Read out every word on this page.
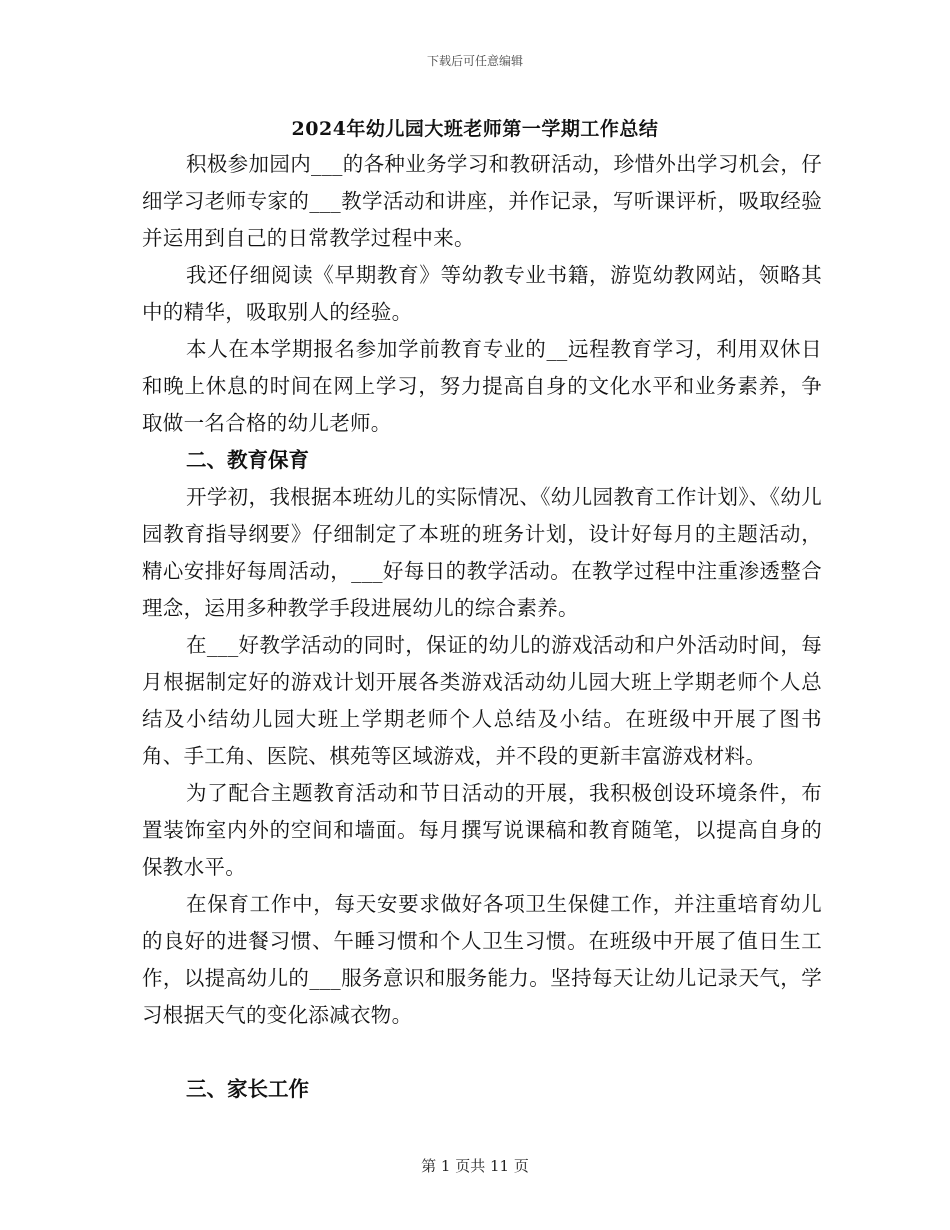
下载后可任意编辑
2024年幼儿园大班老师第一学期工作总结

积极参加园内___的各种业务学习和教研活动，珍惜外出学习机会，仔细学习老师专家的___教学活动和讲座，并作记录，写听课评析，吸取经验并运用到自己的日常教学过程中来。

我还仔细阅读《早期教育》等幼教专业书籍，游览幼教网站，领略其中的精华，吸取别人的经验。

本人在本学期报名参加学前教育专业的__远程教育学习，利用双休日和晚上休息的时间在网上学习，努力提高自身的文化水平和业务素养，争取做一名合格的幼儿老师。

二、教育保育

开学初，我根据本班幼儿的实际情况、《幼儿园教育工作计划》、《幼儿园教育指导纲要》仔细制定了本班的班务计划，设计好每月的主题活动，精心安排好每周活动，___好每日的教学活动。在教学过程中注重渗透整合理念，运用多种教学手段进展幼儿的综合素养。

在___好教学活动的同时，保证的幼儿的游戏活动和户外活动时间，每月根据制定好的游戏计划开展各类游戏活动幼儿园大班上学期老师个人总结及小结幼儿园大班上学期老师个人总结及小结。在班级中开展了图书角、手工角、医院、棋苑等区域游戏，并不段的更新丰富游戏材料。

为了配合主题教育活动和节日活动的开展，我积极创设环境条件，布置装饰室内外的空间和墙面。每月撰写说课稿和教育随笔，以提高自身的保教水平。

在保育工作中，每天安要求做好各项卫生保健工作，并注重培育幼儿的良好的进餐习惯、午睡习惯和个人卫生习惯。在班级中开展了值日生工作，以提高幼儿的___服务意识和服务能力。坚持每天让幼儿记录天气，学习根据天气的变化添减衣物。

三、家长工作

第 1 页共 11 页
